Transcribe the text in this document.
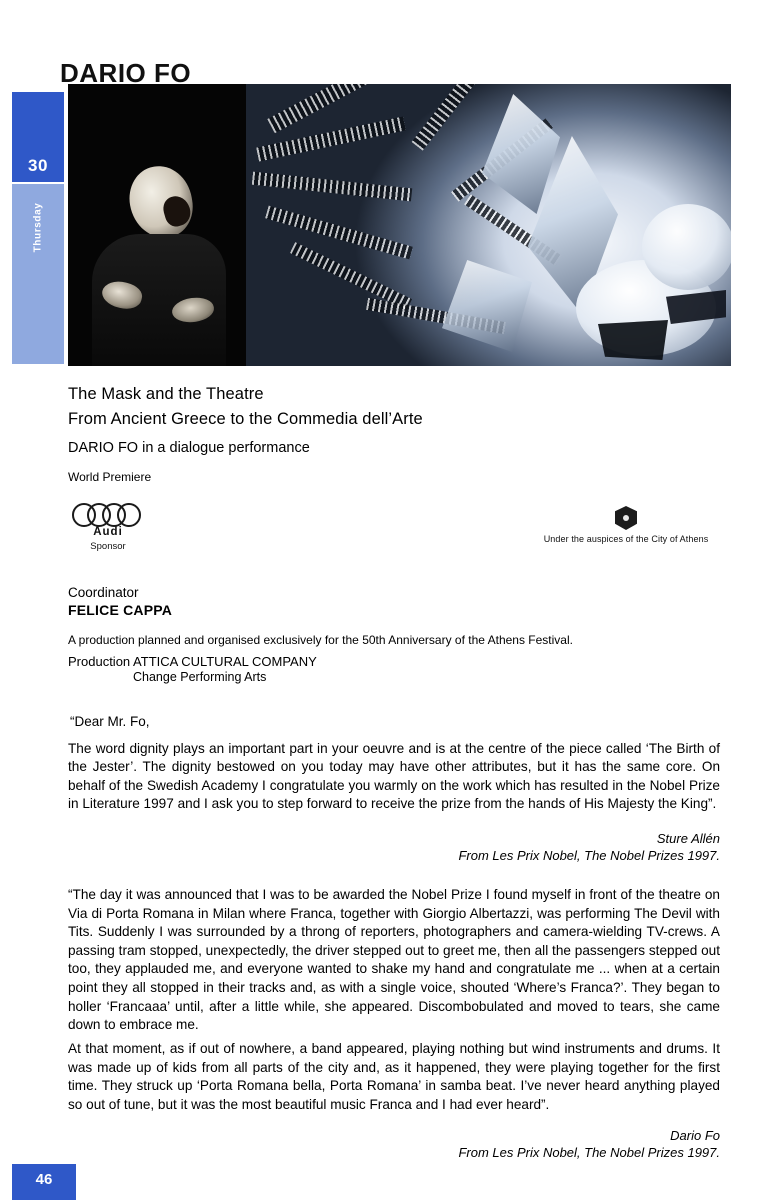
30
Thursday
DARIO FO
The Mask and the Theatre
From Ancient Greece to the Commedia dell’Arte
DARIO FO in a dialogue performance
World Premiere
Audi
Sponsor
Under the auspices of the City of Athens
Coordinator
FELICE CAPPA
A production planned and organised exclusively for the 50th Anniversary of the Athens Festival.
Production ATTICA CULTURAL COMPANY
Change Performing Arts
“Dear Mr. Fo,
The word dignity plays an important part in your oeuvre and is at the centre of the piece called ‘The Birth of the Jester’. The dignity bestowed on you today may have other attributes, but it has the same core. On behalf of the Swedish Academy I congratulate you warmly on the work which has resulted in the Nobel Prize in Literature 1997 and I ask you to step forward to receive the prize from the hands of His Majesty the King”.
Sture Allén
From Les Prix Nobel, The Nobel Prizes 1997.
“The day it was announced that I was to be awarded the Nobel Prize I found myself in front of the theatre on Via di Porta Romana in Milan where Franca, together with Giorgio Albertazzi, was performing The Devil with Tits. Suddenly I was surrounded by a throng of reporters, photographers and camera-wielding TV-crews. A passing tram stopped, unexpectedly, the driver stepped out to greet me, then all the passengers stepped out too, they applauded me, and everyone wanted to shake my hand and congratulate me ... when at a certain point they all stopped in their tracks and, as with a single voice, shouted ‘Where’s Franca?’. They began to holler ‘Francaaa’ until, after a little while, she appeared. Discombobulated and moved to tears, she came down to embrace me.
At that moment, as if out of nowhere, a band appeared, playing nothing but wind instruments and drums. It was made up of kids from all parts of the city and, as it happened, they were playing together for the first time. They struck up ‘Porta Romana bella, Porta Romana’ in samba beat. I’ve never heard anything played so out of tune, but it was the most beautiful music Franca and I had ever heard”.
Dario Fo
From Les Prix Nobel, The Nobel Prizes 1997.
46
